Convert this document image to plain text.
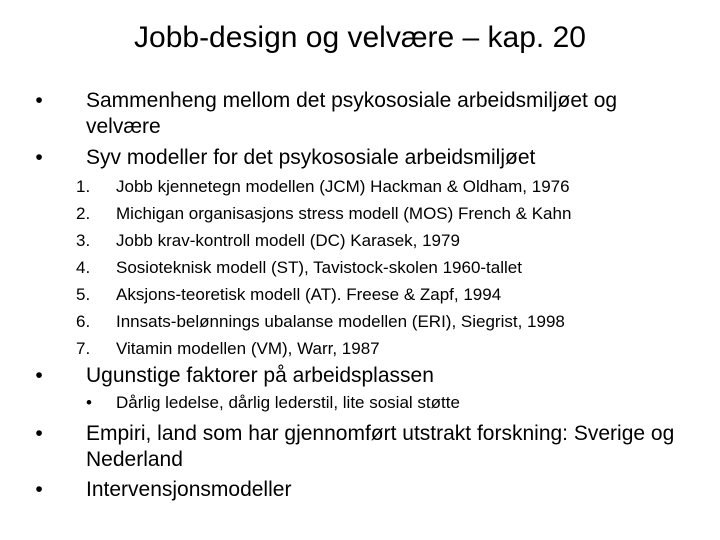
Jobb-design og velvære – kap. 20
• Sammenheng mellom det psykososiale arbeidsmiljøet og velvære
• Syv modeller for det psykososiale arbeidsmiljøet
1.	Jobb kjennetegn modellen (JCM) Hackman & Oldham, 1976
2.	Michigan organisasjons stress modell (MOS) French & Kahn
3.	Jobb krav-kontroll modell (DC) Karasek, 1979
4.	Sosioteknisk modell (ST), Tavistock-skolen 1960-tallet
5.	Aksjons-teoretisk modell (AT). Freese & Zapf, 1994
6.	Innsats-belønnings ubalanse modellen (ERI), Siegrist, 1998
7.	Vitamin modellen (VM), Warr, 1987
• Ugunstige faktorer på arbeidsplassen
• Dårlig ledelse, dårlig lederstil, lite sosial støtte
• Empiri, land som har gjennomført utstrakt forskning: Sverige og Nederland
• Intervensjonsmodeller
